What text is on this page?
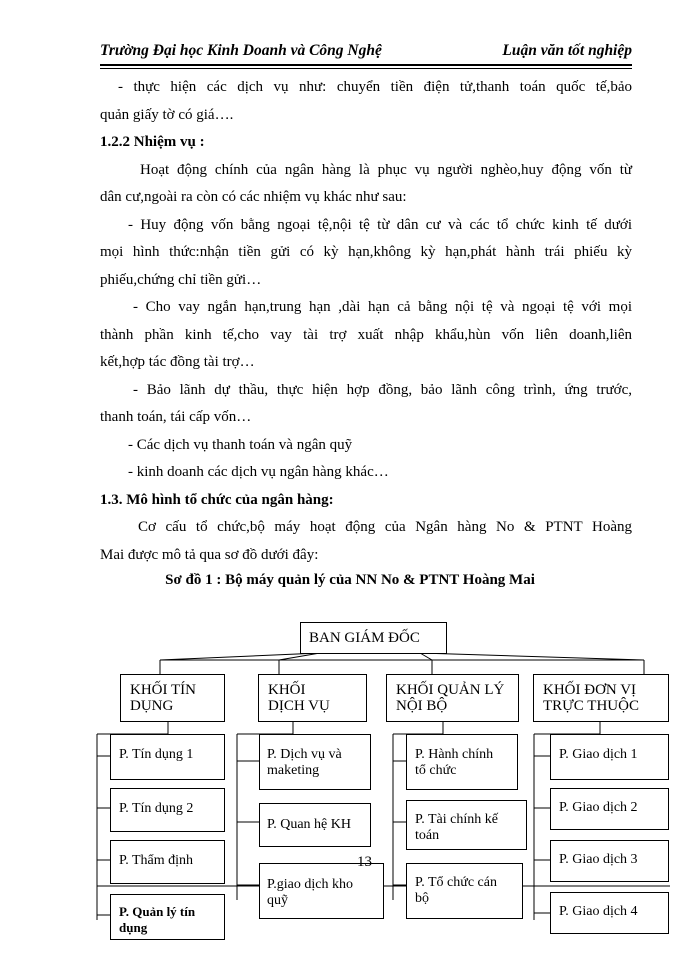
Trường Đại học Kinh Doanh và Công Nghệ	Luận văn tốt nghiệp
- thực hiện các dịch vụ như: chuyển tiền điện tử,thanh toán quốc tế,bảo
quản giấy tờ có giá….
1.2.2 Nhiệm vụ :
Hoạt động chính của ngân hàng là phục vụ người nghèo,huy động vốn từ
dân cư,ngoài ra còn có các nhiệm vụ khác như sau:
- Huy động vốn bằng ngoại tệ,nội tệ từ dân cư và các tổ chức kinh tế dưới
mọi hình thức:nhận tiền gửi có kỳ hạn,không kỳ hạn,phát hành trái phiếu kỳ
phiếu,chứng chỉ tiền gửi…
- Cho vay ngắn hạn,trung hạn ,dài hạn cả bằng nội tệ và ngoại tệ với mọi
thành phần kinh tế,cho vay tài trợ xuất nhập khẩu,hùn vốn liên doanh,liên
kết,hợp tác đồng tài trợ…
- Bảo lãnh dự thầu, thực hiện hợp đồng, bảo lãnh công trình, ứng trước,
thanh toán, tái cấp vốn…
- Các dịch vụ thanh toán và ngân quỹ
- kinh doanh các dịch vụ ngân hàng khác…
1.3. Mô hình tổ chức của ngân hàng:
Cơ cấu tổ chức,bộ máy hoạt động của Ngân hàng No & PTNT Hoàng
Mai được mô tả qua sơ đồ dưới đây:
Sơ đồ 1 : Bộ máy quản lý của NN No & PTNT Hoàng Mai
BAN GIÁM ĐỐC
KHỐI TÍN
DỤNG
KHỐI
DỊCH VỤ
KHỐI QUẢN LÝ
NỘI BỘ
KHỐI ĐƠN VỊ
TRỰC THUỘC
P. Tín dụng 1
P. Tín dụng 2
P. Thẩm định
P. Quản lý tín
dụng
P. Dịch vụ và
maketing
P. Quan hệ KH
P.giao dịch kho
quỹ
P. Hành chính
tổ chức
P. Tài chính kế
toán
P. Tổ chức cán
bộ
P. Giao dịch 1
P. Giao dịch 2
P. Giao dịch 3
P. Giao dịch 4
13
